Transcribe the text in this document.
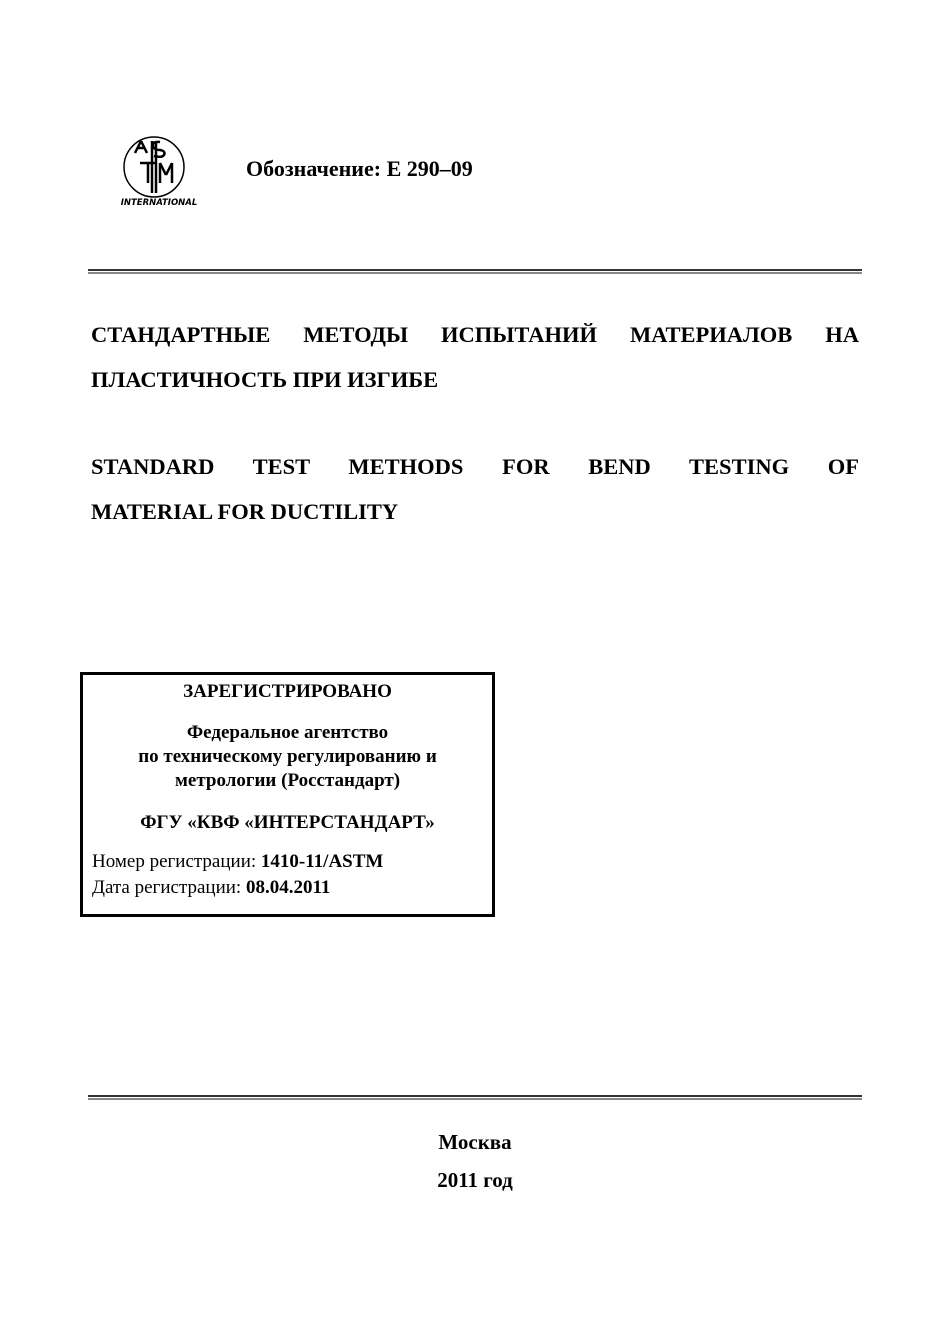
INTERNATIONAL
Обозначение: Е 290–09
СТАНДАРТНЫЕ МЕТОДЫ ИСПЫТАНИЙ МАТЕРИАЛОВ НА
ПЛАСТИЧНОСТЬ ПРИ ИЗГИБЕ
STANDARD TEST METHODS FOR BEND TESTING OF
MATERIAL FOR DUCTILITY
ЗАРЕГИСТРИРОВАНО
Федеральное агентство
по техническому регулированию и
метрологии (Росстандарт)
ФГУ «КВФ «ИНТЕРСТАНДАРТ»
Номер регистрации: 1410-11/ASTM
Дата регистрации: 08.04.2011
Москва
2011 год
